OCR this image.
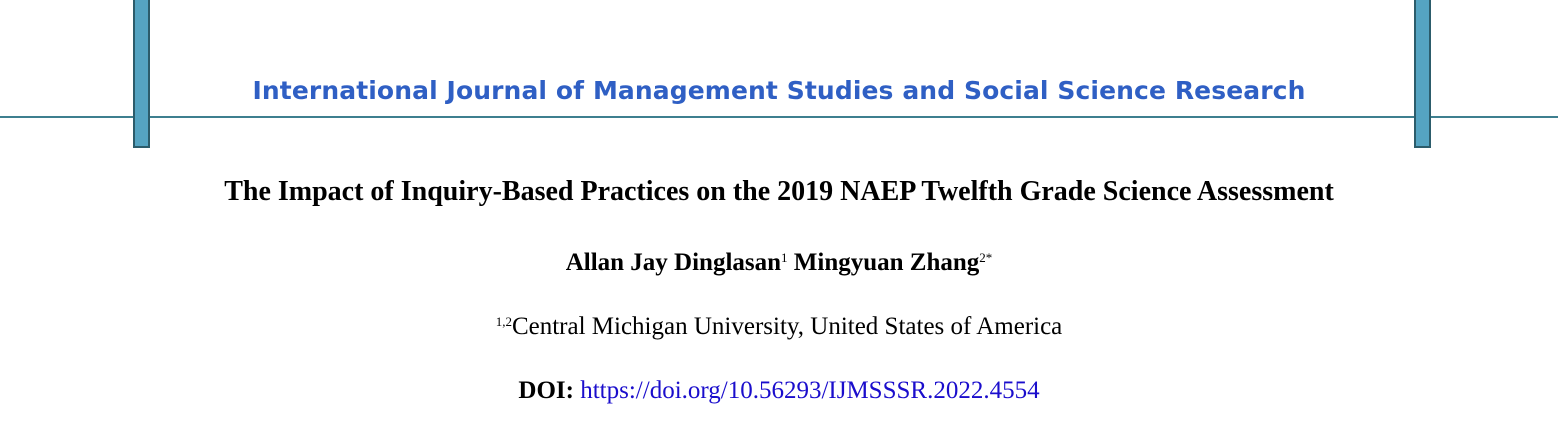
International Journal of Management Studies and Social Science Research
The Impact of Inquiry-Based Practices on the 2019 NAEP Twelfth Grade Science Assessment
Allan Jay Dinglasan$^1$ Mingyuan Zhang$^{2*}$
$^{1,2}$Central Michigan University, United States of America
DOI: https://doi.org/10.56293/IJMSSSR.2022.4554
